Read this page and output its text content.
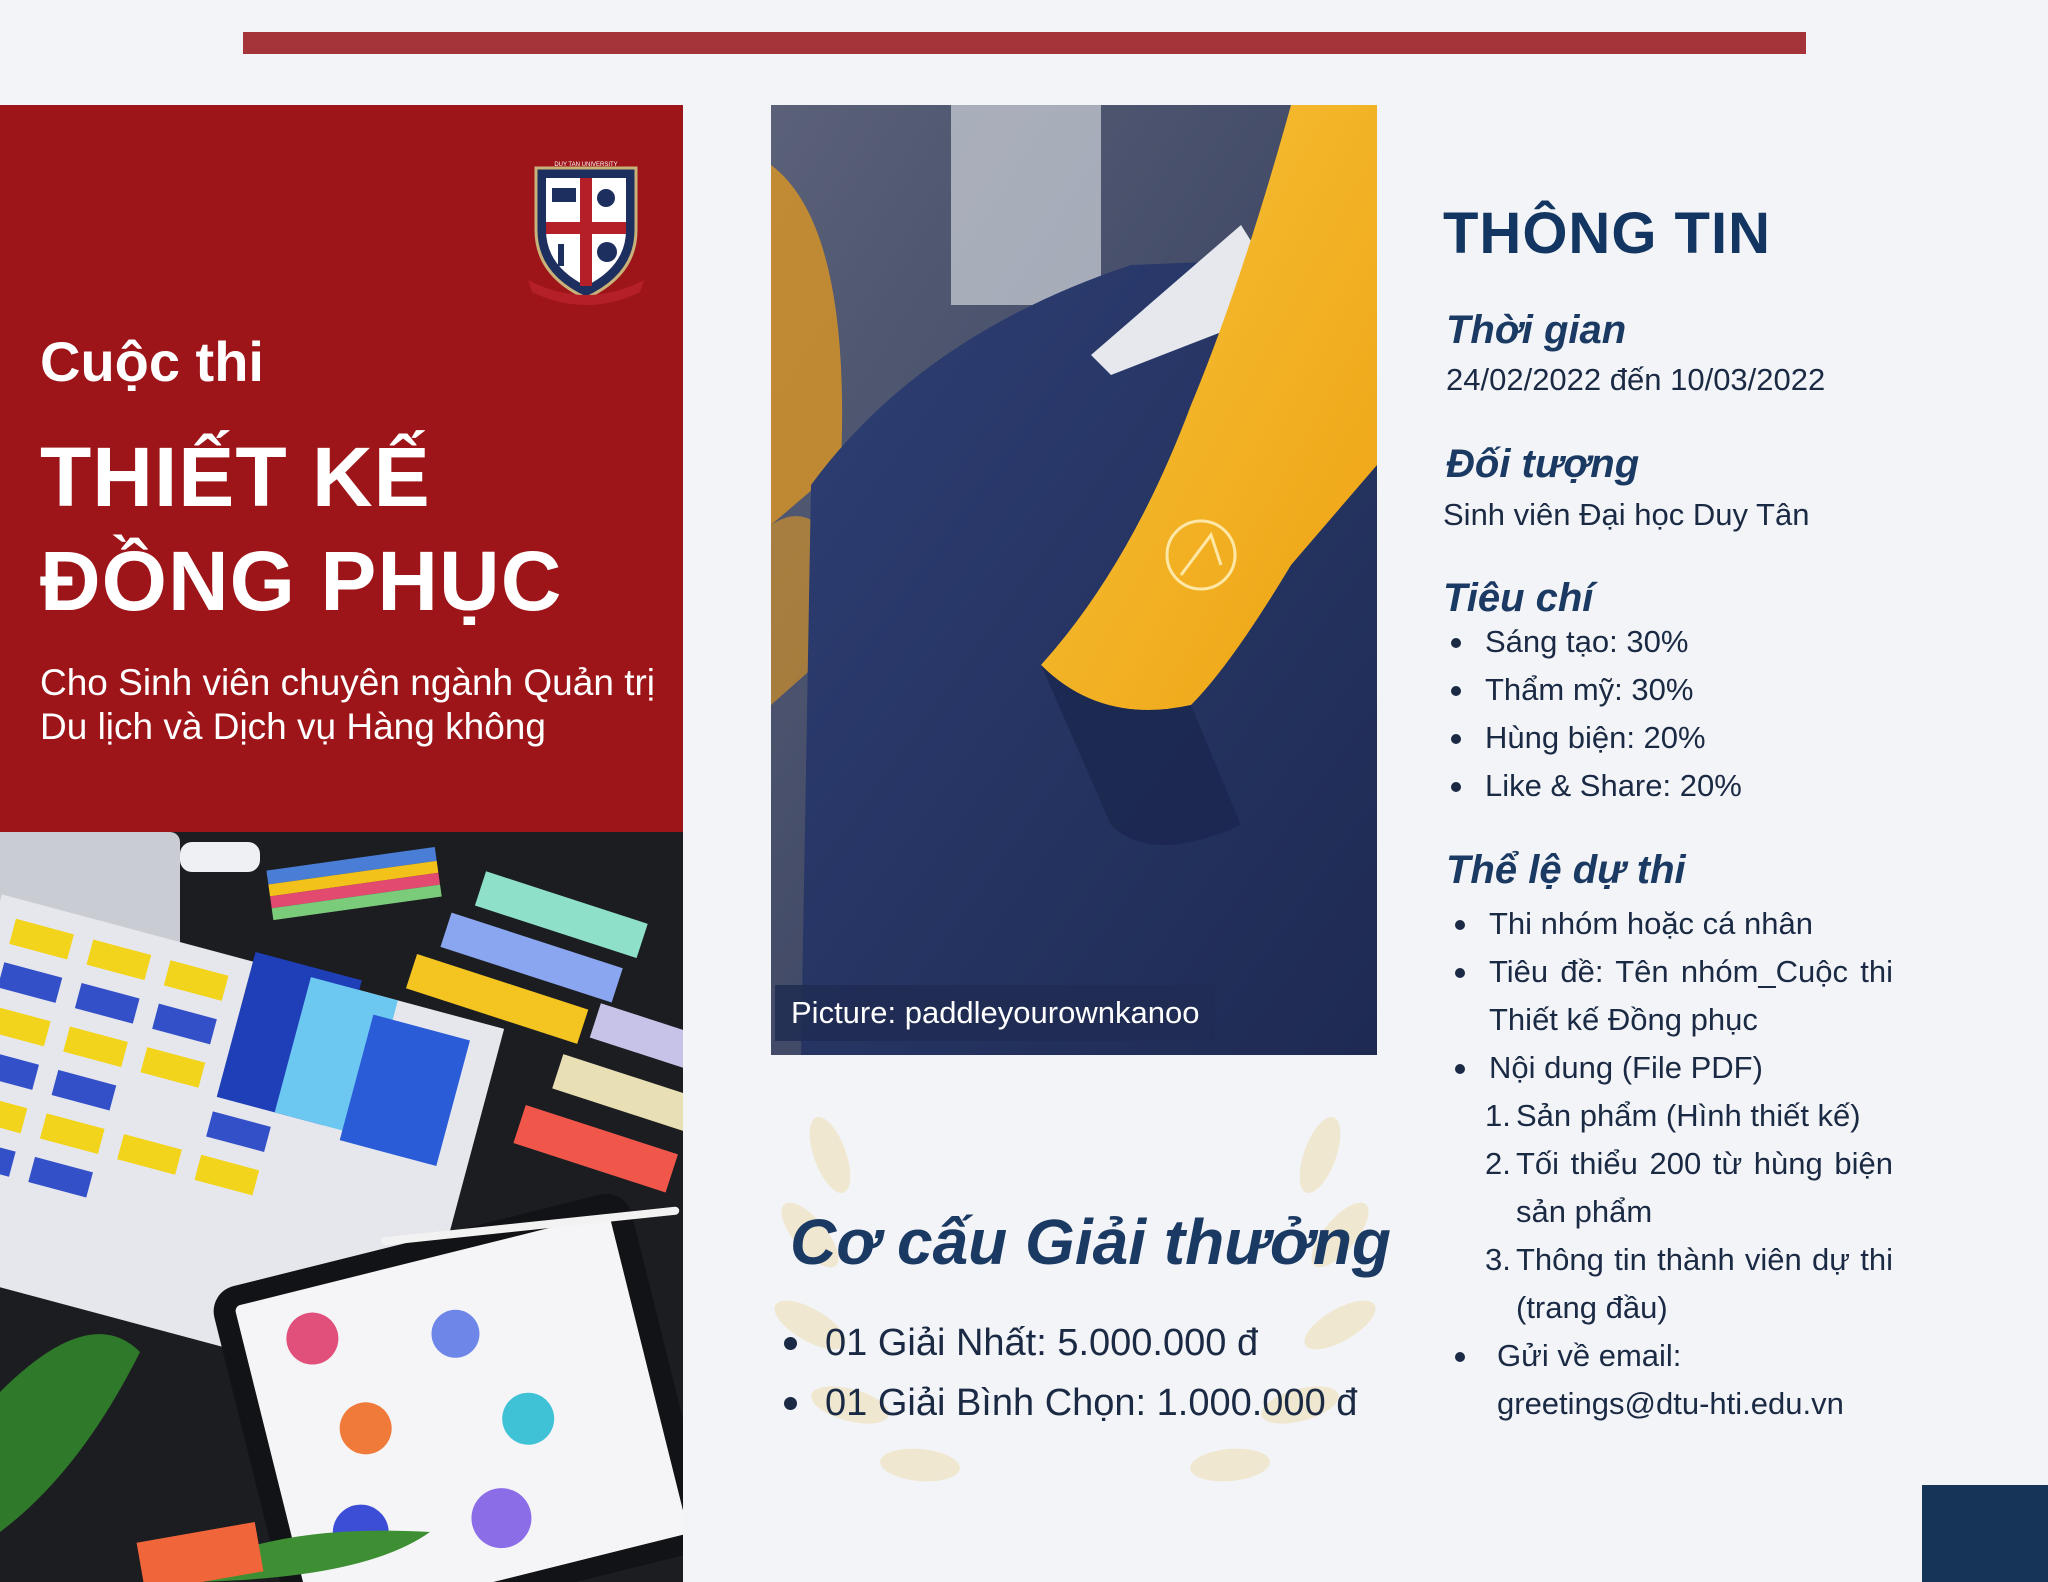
DUY TAN UNIVERSITY
Cuộc thi
THIẾT KẾ
ĐỒNG PHỤC
Cho Sinh viên chuyên ngành Quản trị Du lịch và Dịch vụ Hàng không
Picture: paddleyourownkanoo
Cơ cấu Giải thưởng
01 Giải Nhất: 5.000.000 đ
01 Giải Bình Chọn: 1.000.000 đ
THÔNG TIN
Thời gian
24/02/2022 đến 10/03/2022
Đối tượng
Sinh viên Đại học Duy Tân
Tiêu chí
Sáng tạo: 30%
Thẩm mỹ: 30%
Hùng biện: 20%
Like & Share: 20%
Thể lệ dự thi
Thi nhóm hoặc cá nhân
Tiêu đề: Tên nhóm_Cuộc thi Thiết kế Đồng phục
Nội dung (File PDF)
1. Sản phẩm (Hình thiết kế)
2. Tối thiểu 200 từ hùng biện sản phẩm
3. Thông tin thành viên dự thi (trang đầu)
Gửi về email:
greetings@dtu-hti.edu.vn
